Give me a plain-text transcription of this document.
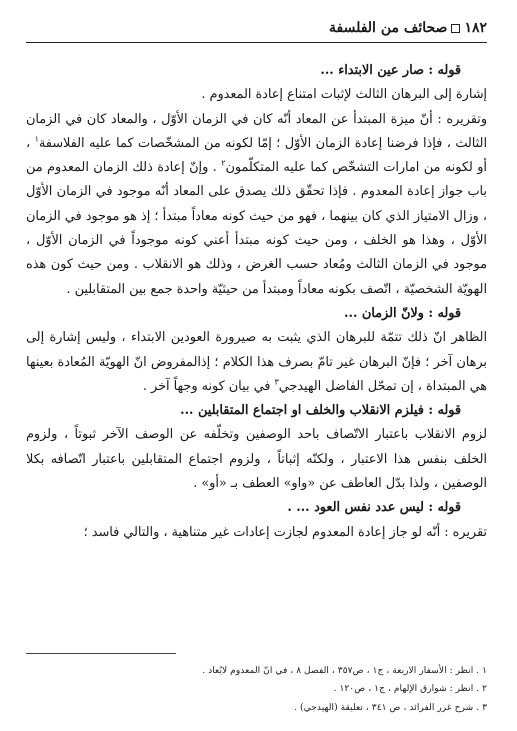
١٨٢
صحائف من الفلسفة

قوله : صار عين الابتداء ...

إشارة إلى البرهان الثالث لإثبات امتناع إعادة المعدوم .

وتقريره : أنّ ميزة المبتدأ عن المعاد أنّه كان في الزمان الأوّل ، والمعاد كان في الزمان الثالث ، فإذا فرضنا إعادة الزمان الأوّل ؛ إمّا لكونه من المشخّصات كما عليه الفلاسفة$^١$ ، أو لكونه من امارات التشخّص كما عليه المتكلّمون$^٢$ . وإنّ إعادة ذلك الزمان المعدوم من باب جواز إعادة المعدوم . فإذا تحقّق ذلك يصدق على المعاد أنّه موجود في الزمان الأوّل ، وزال الامتياز الذي كان بينهما ، فهو من حيث كونه معاداً مبتدأ ؛ إذ هو موجود في الزمان الأوّل ، وهذا هو الخلف ، ومن حيث كونه مبتدأ أعني كونه موجوداً في الزمان الأوّل ، موجود في الزمان الثالث ومُعاد حسب الغرض ، وذلك هو الانقلاب . ومن حيث كون هذه الهويّة الشخصيّة ، اتّصف بكونه معاداً ومبتدأ من حيثيّة واحدة جمع بين المتقابلين .

قوله : ولانّ الزمان ...

الظاهر انّ ذلك تتمّة للبرهان الذي يثبت به صيرورة العودين الابتداء ، وليس إشارة إلى برهان آخر ؛ فإنّ البرهان غير تامّ بصرف هذا الكلام ؛ إذالمفروض انّ الهويّة المُعادة بعينها هي المبتداة ، إن تمحّل الفاضل الهيدجي$^٣$ في بيان كونه وجهاً آخر .

قوله : فيلزم الانقلاب والخلف او اجتماع المتقابلين ...

لزوم الانقلاب باعتبار الاتّصاف باحد الوصفين وتخلّفه عن الوصف الآخر ثبوتاً ، ولزوم الخلف بنفس هذا الاعتبار ، ولكنّه إثباتاً ، ولزوم اجتماع المتقابلين باعتبار اتّصافه بكلا الوصفين ، ولذا بدّل العاطف عن «واو» العطف بـ «أو» .

قوله : ليس عدد نفس العود ... .

تقريره : أنّه لو جاز إعادة المعدوم لجازت إعادات غير متناهية ، والتالي فاسد ؛

١ . انظر : الأسفار الاربعة ، ج١ ، ص٣٥٧ ، الفصل ٨ ، في انّ المعدوم لايُعاد .

٢ . انظر : شوارق الإلهام ، ج١ ، ص١٢٠ .

٣ . شرح غرر الفرائد ، ص ٣٤١ ، تعليقة (الهيدجي) .
